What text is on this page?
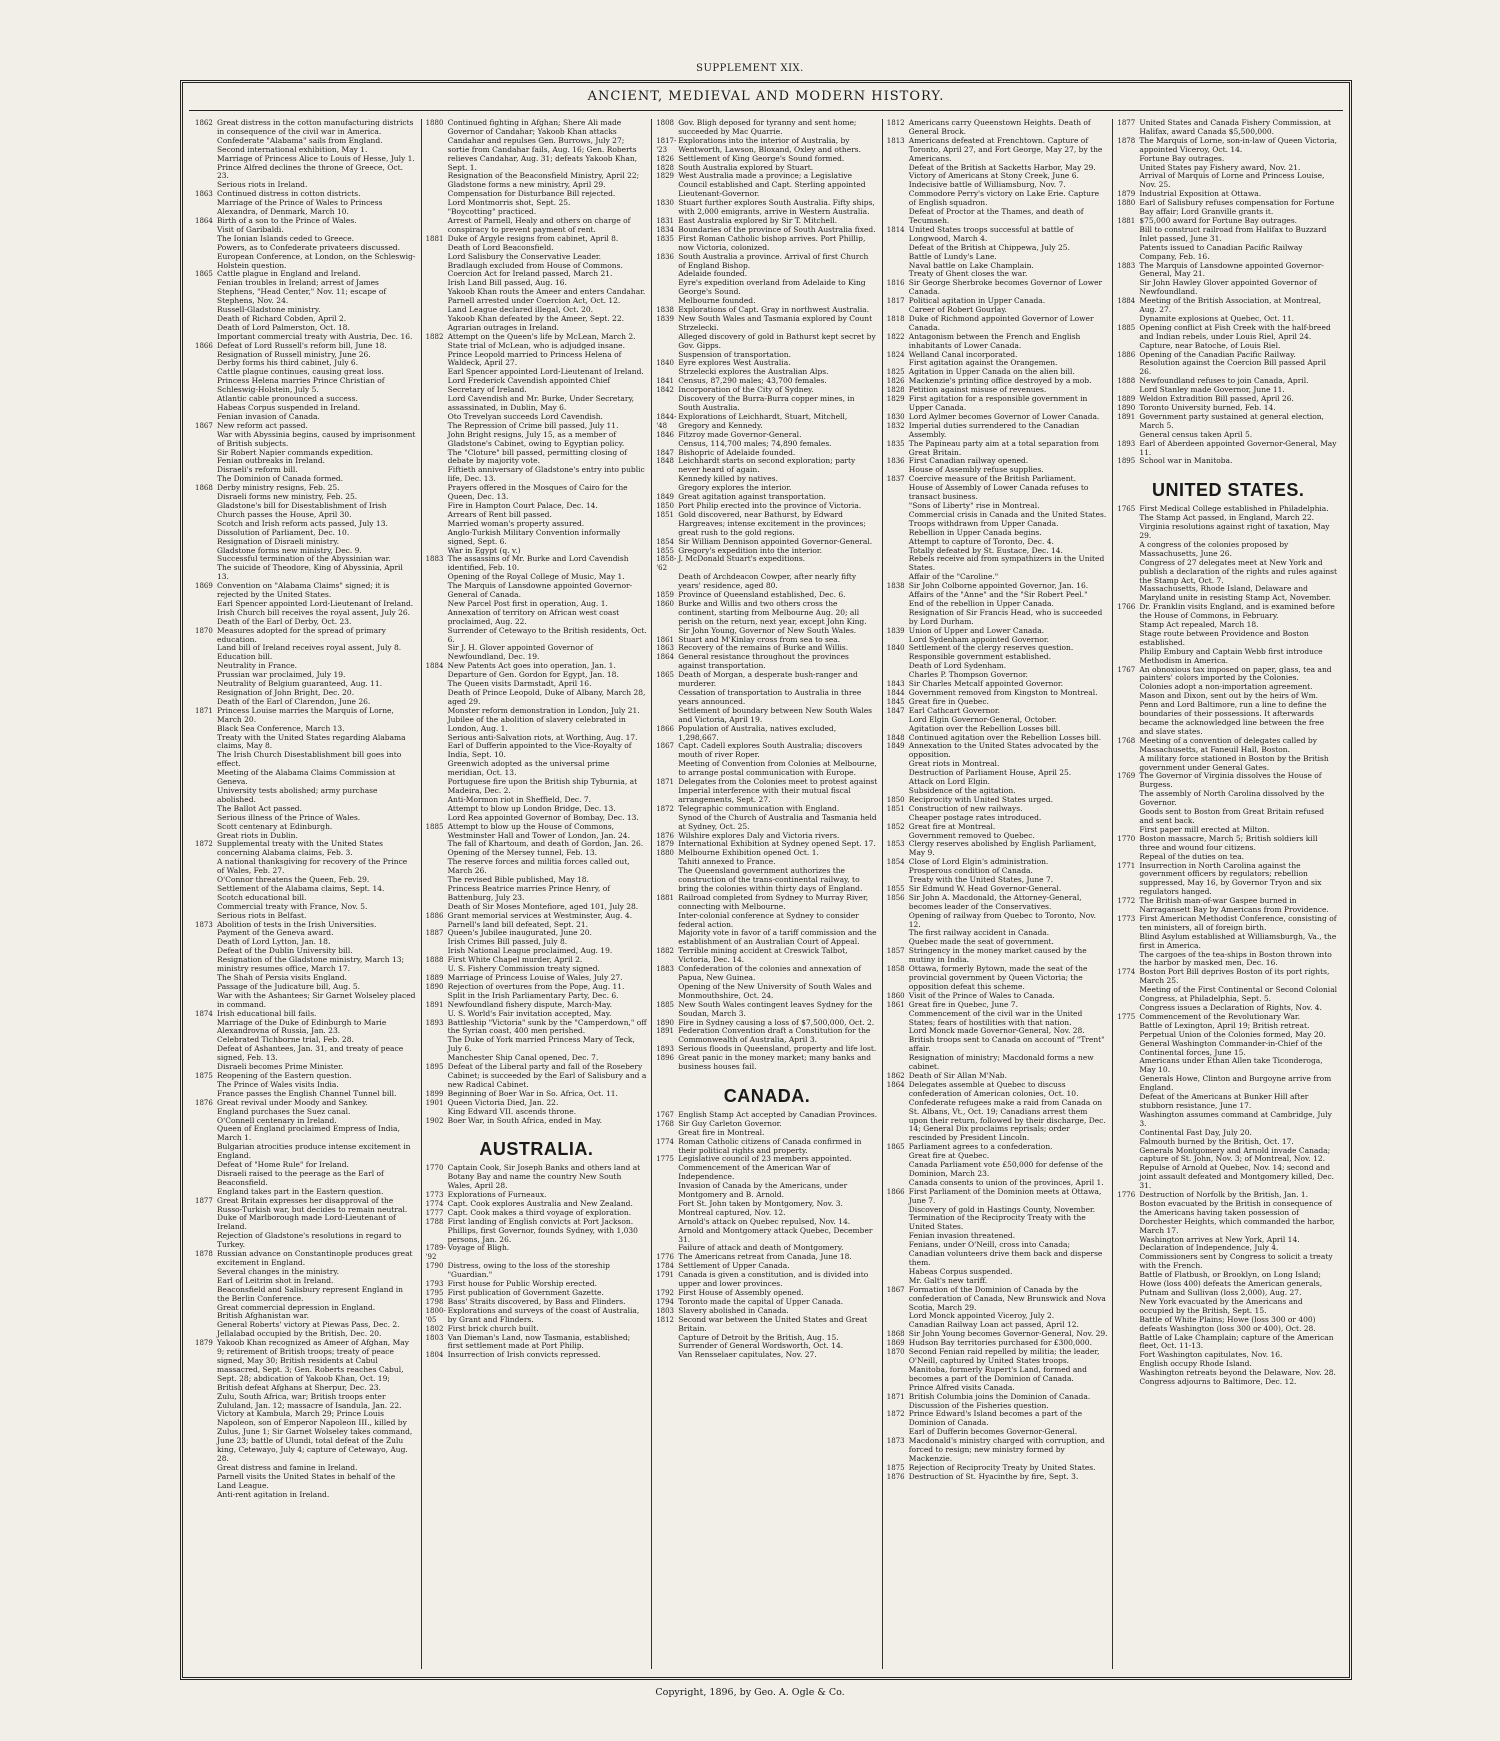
SUPPLEMENT XIX.
ANCIENT, MEDIEVAL AND MODERN HISTORY.
1862 Great distress in the cotton manufacturing districts in consequence of the civil war in America.
Confederate "Alabama" sails from England.
Second international exhibition, May 1.
Marriage of Princess Alice to Louis of Hesse, July 1.
Prince Alfred declines the throne of Greece, Oct. 23.
Serious riots in Ireland.
1863 Continued distress in cotton districts.
Marriage of the Prince of Wales to Princess Alexandra, of Denmark, March 10.
1864 Birth of a son to the Prince of Wales.
Visit of Garibaldi.
The Ionian Islands ceded to Greece.
Powers, as to Confederate privateers discussed.
European Conference, at London, on the Schleswig-Holstein question.
1865 Cattle plague in England and Ireland.
Fenian troubles in Ireland; arrest of James Stephens, "Head Center," Nov. 11; escape of Stephens, Nov. 24.
Russell-Gladstone ministry.
Death of Richard Cobden, April 2.
Death of Lord Palmerston, Oct. 18.
Important commercial treaty with Austria, Dec. 16.
1866 Defeat of Lord Russell's reform bill, June 18.
Resignation of Russell ministry, June 26.
Derby forms his third cabinet, July 6.
Cattle plague continues, causing great loss.
Princess Helena marries Prince Christian of Schleswig-Holstein, July 5.
Atlantic cable pronounced a success.
Habeas Corpus suspended in Ireland.
Fenian invasion of Canada.
1867 New reform act passed.
War with Abyssinia begins, caused by imprisonment of British subjects.
Sir Robert Napier commands expedition.
Fenian outbreaks in Ireland.
Disraeli's reform bill.
The Dominion of Canada formed.
1868 Derby ministry resigns, Feb. 25.
Disraeli forms new ministry, Feb. 25.
Gladstone's bill for Disestablishment of Irish Church passes the House, April 30.
Scotch and Irish reform acts passed, July 13.
Dissolution of Parliament, Dec. 10.
Resignation of Disraeli ministry.
Gladstone forms new ministry, Dec. 9.
Successful termination of the Abyssinian war.
The suicide of Theodore, King of Abyssinia, April 13.
1869 Convention on "Alabama Claims" signed; it is rejected by the United States.
Earl Spencer appointed Lord-Lieutenant of Ireland.
Irish Church bill receives the royal assent, July 26.
Death of the Earl of Derby, Oct. 23.
1870 Measures adopted for the spread of primary education.
Land bill of Ireland receives royal assent, July 8.
Education bill.
Neutrality in France.
Prussian war proclaimed, July 19.
Neutrality of Belgium guaranteed, Aug. 11.
Resignation of John Bright, Dec. 20.
Death of the Earl of Clarendon, June 26.
1871 Princess Louise marries the Marquis of Lorne, March 20.
Black Sea Conference, March 13.
Treaty with the United States regarding Alabama claims, May 8.
The Irish Church Disestablishment bill goes into effect.
Meeting of the Alabama Claims Commission at Geneva.
University tests abolished; army purchase abolished.
The Ballot Act passed.
Serious illness of the Prince of Wales.
Scott centenary at Edinburgh.
Great riots in Dublin.
1872 Supplemental treaty with the United States concerning Alabama claims, Feb. 3.
A national thanksgiving for recovery of the Prince of Wales, Feb. 27.
O'Connor threatens the Queen, Feb. 29.
Settlement of the Alabama claims, Sept. 14.
Scotch educational bill.
Commercial treaty with France, Nov. 5.
Serious riots in Belfast.
1873 Abolition of tests in the Irish Universities.
Payment of the Geneva award.
Death of Lord Lytton, Jan. 18.
Defeat of the Dublin University bill.
Resignation of the Gladstone ministry, March 13; ministry resumes office, March 17.
The Shah of Persia visits England.
Passage of the Judicature bill, Aug. 5.
War with the Ashantees; Sir Garnet Wolseley placed in command.
1874 Irish educational bill fails.
Marriage of the Duke of Edinburgh to Marie Alexandrovna of Russia, Jan. 23.
Celebrated Tichborne trial, Feb. 28.
Defeat of Ashantees, Jan. 31, and treaty of peace signed, Feb. 13.
Disraeli becomes Prime Minister.
1875 Reopening of the Eastern question.
The Prince of Wales visits India.
France passes the English Channel Tunnel bill.
1876 Great revival under Moody and Sankey.
England purchases the Suez canal.
O'Connell centenary in Ireland.
Queen of England proclaimed Empress of India, March 1.
Bulgarian atrocities produce intense excitement in England.
Defeat of "Home Rule" for Ireland.
Disraeli raised to the peerage as the Earl of Beaconsfield.
England takes part in the Eastern question.
1877 Great Britain expresses her disapproval of the Russo-Turkish war, but decides to remain neutral.
Duke of Marlborough made Lord-Lieutenant of Ireland.
Rejection of Gladstone's resolutions in regard to Turkey.
1878 Russian advance on Constantinople produces great excitement in England.
Several changes in the ministry.
Earl of Leitrim shot in Ireland.
Beaconsfield and Salisbury represent England in the Berlin Conference.
Great commercial depression in England.
British Afghanistan war.
General Roberts' victory at Piewas Pass, Dec. 2.
Jellalabad occupied by the British, Dec. 20.
1879 Yakoob Khan recognized as Ameer of Afghan, May 9; retirement of British troops; treaty of peace signed, May 30; British residents at Cabul massacred, Sept. 3; Gen. Roberts reaches Cabul, Sept. 28; abdication of Yakoob Khan, Oct. 19; British defeat Afghans at Sherpur, Dec. 23.
Zulu, South Africa, war; British troops enter Zululand, Jan. 12; massacre of Isandula, Jan. 22.
Victory at Kambula, March 29; Prince Louis Napoleon, son of Emperor Napoleon III., killed by Zulus, June 1; Sir Garnet Wolseley takes command, June 23; battle of Ulundi, total defeat of the Zulu king, Cetewayo, July 4; capture of Cetewayo, Aug. 28.
Great distress and famine in Ireland.
Parnell visits the United States in behalf of the Land League.
Anti-rent agitation in Ireland.
1880 Continued fighting in Afghan; Shere Ali made Governor of Candahar; Yakoob Khan attacks Candahar and repulses Gen. Burrows, July 27; sortie from Candahar fails, Aug. 16; Gen. Roberts relieves Candahar, Aug. 31; defeats Yakoob Khan, Sept. 1.
Resignation of the Beaconsfield Ministry, April 22; Gladstone forms a new ministry, April 29.
Compensation for Disturbance Bill rejected.
Lord Montmorris shot, Sept. 25.
"Boycotting" practiced.
Arrest of Parnell, Healy and others on charge of conspiracy to prevent payment of rent.
1881 Duke of Argyle resigns from cabinet, April 8.
Death of Lord Beaconsfield.
Lord Salisbury the Conservative Leader.
Bradlaugh excluded from House of Commons.
Coercion Act for Ireland passed, March 21.
Irish Land Bill passed, Aug. 16.
Yakoob Khan routs the Ameer and enters Candahar.
Parnell arrested under Coercion Act, Oct. 12.
Land League declared illegal, Oct. 20.
Yakoob Khan defeated by the Ameer, Sept. 22.
Agrarian outrages in Ireland.
1882 Attempt on the Queen's life by McLean, March 2.
State trial of McLean, who is adjudged insane.
Prince Leopold married to Princess Helena of Waldeck, April 27.
Earl Spencer appointed Lord-Lieutenant of Ireland.
Lord Frederick Cavendish appointed Chief Secretary of Ireland.
Lord Cavendish and Mr. Burke, Under Secretary, assassinated, in Dublin, May 6.
Oto Trevelyan succeeds Lord Cavendish.
The Repression of Crime bill passed, July 11.
John Bright resigns, July 15, as a member of Gladstone's Cabinet, owing to Egyptian policy.
The "Cloture" bill passed, permitting closing of debate by majority vote.
Fiftieth anniversary of Gladstone's entry into public life, Dec. 13.
Prayers offered in the Mosques of Cairo for the Queen, Dec. 13.
Fire in Hampton Court Palace, Dec. 14.
Arrears of Rent bill passed.
Married woman's property assured.
Anglo-Turkish Military Convention informally signed, Sept. 6.
War in Egypt (q. v.)
1883 The assassins of Mr. Burke and Lord Cavendish identified, Feb. 10.
Opening of the Royal College of Music, May 1.
The Marquis of Lansdowne appointed Governor-General of Canada.
New Parcel Post first in operation, Aug. 1.
Annexation of territory on African west coast proclaimed, Aug. 22.
Surrender of Cetewayo to the British residents, Oct. 6.
Sir J. H. Glover appointed Governor of Newfoundland, Dec. 19.
1884 New Patents Act goes into operation, Jan. 1.
Departure of Gen. Gordon for Egypt, Jan. 18.
The Queen visits Darmstadt, April 16.
Death of Prince Leopold, Duke of Albany, March 28, aged 29.
Monster reform demonstration in London, July 21.
Jubilee of the abolition of slavery celebrated in London, Aug. 1.
Serious anti-Salvation riots, at Worthing, Aug. 17.
Earl of Dufferin appointed to the Vice-Royalty of India, Sept. 10.
Greenwich adopted as the universal prime meridian, Oct. 13.
Portuguese fire upon the British ship Tyburnia, at Madeira, Dec. 2.
Anti-Mormon riot in Sheffield, Dec. 7.
Attempt to blow up London Bridge, Dec. 13.
Lord Rea appointed Governor of Bombay, Dec. 13.
1885 Attempt to blow up the House of Commons, Westminster Hall and Tower of London, Jan. 24.
The fall of Khartoum, and death of Gordon, Jan. 26.
Opening of the Mersey tunnel, Feb. 13.
The reserve forces and militia forces called out, March 26.
The revised Bible published, May 18.
Princess Beatrice marries Prince Henry, of Battenburg, July 23.
Death of Sir Moses Montefiore, aged 101, July 28.
1886 Grant memorial services at Westminster, Aug. 4.
Parnell's land bill defeated, Sept. 21.
1887 Queen's Jubilee inaugurated, June 20.
Irish Crimes Bill passed, July 8.
Irish National League proclaimed, Aug. 19.
1888 First White Chapel murder, April 2.
U. S. Fishery Commission treaty signed.
1889 Marriage of Princess Louise of Wales, July 27.
1890 Rejection of overtures from the Pope, Aug. 11.
Split in the Irish Parliamentary Party, Dec. 6.
1891 Newfoundland fishery dispute, March-May.
U. S. World's Fair invitation accepted, May.
1893 Battleship "Victoria" sunk by the "Camperdown," off the Syrian coast, 400 men perished.
The Duke of York married Princess Mary of Teck, July 6.
Manchester Ship Canal opened, Dec. 7.
1895 Defeat of the Liberal party and fall of the Rosebery Cabinet; is succeeded by the Earl of Salisbury and a new Radical Cabinet.
1899 Beginning of Boer War in So. Africa, Oct. 11.
1901 Queen Victoria Died, Jan. 22.
King Edward VII. ascends throne.
1902 Boer War, in South Africa, ended in May.
AUSTRALIA.
1770 Captain Cook, Sir Joseph Banks and others land at Botany Bay and name the country New South Wales, April 28.
1773 Explorations of Furneaux.
1774 Capt. Cook explores Australia and New Zealand.
1777 Capt. Cook makes a third voyage of exploration.
1788 First landing of English convicts at Port Jackson.
Phillips, first Governor, founds Sydney, with 1,030 persons, Jan. 26.
1789-'92
Voyage of Bligh.
1790 Distress, owing to the loss of the storeship "Guardian."
1793 First house for Public Worship erected.
1795 First publication of Government Gazette.
1798 Bass' Straits discovered, by Bass and Flinders.
1800-'05
Explorations and surveys of the coast of Australia, by Grant and Flinders.
1802 First brick church built.
1803 Van Dieman's Land, now Tasmania, established; first settlement made at Port Philip.
1804 Insurrection of Irish convicts repressed.
1808 Gov. Bligh deposed for tyranny and sent home; succeeded by Mac Quarrie.
1817-'23
Explorations into the interior of Australia, by Wentworth, Lawson, Bloxand, Oxley and others.
1826 Settlement of King George's Sound formed.
1828 South Australia explored by Stuart.
1829 West Australia made a province; a Legislative Council established and Capt. Sterling appointed Lieutenant-Governor.
1830 Stuart further explores South Australia. Fifty ships, with 2,000 emigrants, arrive in Western Australia.
1831 East Australia explored by Sir T. Mitchell.
1834 Boundaries of the province of South Australia fixed.
1835 First Roman Catholic bishop arrives. Port Phillip, now Victoria, colonized.
1836 South Australia a province. Arrival of first Church of England Bishop.
Adelaide founded.
Eyre's expedition overland from Adelaide to King George's Sound.
Melbourne founded.
1838 Explorations of Capt. Gray in northwest Australia.
1839 New South Wales and Tasmania explored by Count Strzelecki.
Alleged discovery of gold in Bathurst kept secret by Gov. Gipps.
Suspension of transportation.
1840 Eyre explores West Australia.
Strzelecki explores the Australian Alps.
1841 Census, 87,290 males; 43,700 females.
1842 Incorporation of the City of Sydney.
Discovery of the Burra-Burra copper mines, in South Australia.
1844-'48
Explorations of Leichhardt, Stuart, Mitchell, Gregory and Kennedy.
1846 Fitzroy made Governor-General.
Census, 114,700 males; 74,890 females.
1847 Bishopric of Adelaide founded.
1848 Leichhardt starts on second exploration; party never heard of again.
Kennedy killed by natives.
Gregory explores the interior.
1849 Great agitation against transportation.
1850 Port Philip erected into the province of Victoria.
1851 Gold discovered, near Bathurst, by Edward Hargreaves; intense excitement in the provinces; great rush to the gold regions.
1854 Sir William Dennison appointed Governor-General.
1855 Gregory's expedition into the interior.
1858-'62
J. McDonald Stuart's expeditions.
Death of Archdeacon Cowper, after nearly fifty years' residence, aged 80.
1859 Province of Queensland established, Dec. 6.
1860 Burke and Willis and two others cross the continent, starting from Melbourne Aug. 20; all perish on the return, next year, except John King.
Sir John Young, Governor of New South Wales.
1861 Stuart and M'Kinlay cross from sea to sea.
1863 Recovery of the remains of Burke and Willis.
1864 General resistance throughout the provinces against transportation.
1865 Death of Morgan, a desperate bush-ranger and murderer.
Cessation of transportation to Australia in three years announced.
Settlement of boundary between New South Wales and Victoria, April 19.
1866 Population of Australia, natives excluded, 1,298,667.
1867 Capt. Cadell explores South Australia; discovers mouth of river Roper.
Meeting of Convention from Colonies at Melbourne, to arrange postal communication with Europe.
1871 Delegates from the Colonies meet to protest against Imperial interference with their mutual fiscal arrangements, Sept. 27.
1872 Telegraphic communication with England.
Synod of the Church of Australia and Tasmania held at Sydney, Oct. 25.
1876 Wilshire explores Daly and Victoria rivers.
1879 International Exhibition at Sydney opened Sept. 17.
1880 Melbourne Exhibition opened Oct. 1.
Tahiti annexed to France.
The Queensland government authorizes the construction of the trans-continental railway, to bring the colonies within thirty days of England.
1881 Railroad completed from Sydney to Murray River, connecting with Melbourne.
Inter-colonial conference at Sydney to consider federal action.
Majority vote in favor of a tariff commission and the establishment of an Australian Court of Appeal.
1882 Terrible mining accident at Creswick Talbot, Victoria, Dec. 14.
1883 Confederation of the colonies and annexation of Papua, New Guinea.
Opening of the New University of South Wales and Monmouthshire, Oct. 24.
1885 New South Wales contingent leaves Sydney for the Soudan, March 3.
1890 Fire in Sydney causing a loss of $7,500,000, Oct. 2.
1891 Federation Convention draft a Constitution for the Commonwealth of Australia, April 3.
1893 Serious floods in Queensland, property and life lost.
1896 Great panic in the money market; many banks and business houses fail.
CANADA.
1767 English Stamp Act accepted by Canadian Provinces.
1768 Sir Guy Carleton Governor.
Great fire in Montreal.
1774 Roman Catholic citizens of Canada confirmed in their political rights and property.
1775 Legislative council of 23 members appointed.
Commencement of the American War of Independence.
Invasion of Canada by the Americans, under Montgomery and B. Arnold.
Fort St. John taken by Montgomery, Nov. 3.
Montreal captured, Nov. 12.
Arnold's attack on Quebec repulsed, Nov. 14.
Arnold and Montgomery attack Quebec, December 31.
Failure of attack and death of Montgomery.
1776 The Americans retreat from Canada, June 18.
1784 Settlement of Upper Canada.
1791 Canada is given a constitution, and is divided into upper and lower provinces.
1792 First House of Assembly opened.
1794 Toronto made the capital of Upper Canada.
1803 Slavery abolished in Canada.
1812 Second war between the United States and Great Britain.
Capture of Detroit by the British, Aug. 15.
Surrender of General Wordsworth, Oct. 14.
Van Rensselaer capitulates, Nov. 27.
1812 Americans carry Queenstown Heights. Death of General Brock.
1813 Americans defeated at Frenchtown. Capture of Toronto, April 27, and Fort George, May 27, by the Americans.
Defeat of the British at Sacketts Harbor, May 29.
Victory of Americans at Stony Creek, June 6.
Indecisive battle of Williamsburg, Nov. 7.
Commodore Perry's victory on Lake Erie. Capture of English squadron.
Defeat of Proctor at the Thames, and death of Tecumseh.
1814 United States troops successful at battle of Longwood, March 4.
Defeat of the British at Chippewa, July 25.
Battle of Lundy's Lane.
Naval battle on Lake Champlain.
Treaty of Ghent closes the war.
1816 Sir George Sherbroke becomes Governor of Lower Canada.
1817 Political agitation in Upper Canada.
Career of Robert Gourlay.
1818 Duke of Richmond appointed Governor of Lower Canada.
1822 Antagonism between the French and English inhabitants of Lower Canada.
1824 Welland Canal incorporated.
First agitation against the Orangemen.
1825 Agitation in Upper Canada on the alien bill.
1826 Mackenzie's printing office destroyed by a mob.
1828 Petition against misuse of revenues.
1829 First agitation for a responsible government in Upper Canada.
1830 Lord Aylmer becomes Governor of Lower Canada.
1832 Imperial duties surrendered to the Canadian Assembly.
1835 The Papineau party aim at a total separation from Great Britain.
1836 First Canadian railway opened.
House of Assembly refuse supplies.
1837 Coercive measure of the British Parliament.
House of Assembly of Lower Canada refuses to transact business.
"Sons of Liberty" rise in Montreal.
Commercial crisis in Canada and the United States.
Troops withdrawn from Upper Canada.
Rebellion in Upper Canada begins.
Attempt to capture of Toronto, Dec. 4.
Totally defeated by St. Eustace, Dec. 14.
Rebels receive aid from sympathizers in the United States.
Affair of the "Caroline."
1838 Sir John Colborne appointed Governor, Jan. 16.
Affairs of the "Anne" and the "Sir Robert Peel."
End of the rebellion in Upper Canada.
Resignation of Sir Francis Head, who is succeeded by Lord Durham.
1839 Union of Upper and Lower Canada.
Lord Sydenham appointed Governor.
1840 Settlement of the clergy reserves question.
Responsible government established.
Death of Lord Sydenham.
Charles P. Thompson Governor.
1843 Sir Charles Metcalf appointed Governor.
1844 Government removed from Kingston to Montreal.
1845 Great fire in Quebec.
1847 Earl Cathcart Governor.
Lord Elgin Governor-General, October.
Agitation over the Rebellion Losses bill.
1848 Continued agitation over the Rebellion Losses bill.
1849 Annexation to the United States advocated by the opposition.
Great riots in Montreal.
Destruction of Parliament House, April 25.
Attack on Lord Elgin.
Subsidence of the agitation.
1850 Reciprocity with United States urged.
1851 Construction of new railways.
Cheaper postage rates introduced.
1852 Great fire at Montreal.
Government removed to Quebec.
1853 Clergy reserves abolished by English Parliament, May 9.
1854 Close of Lord Elgin's administration.
Prosperous condition of Canada.
Treaty with the United States, June 7.
1855 Sir Edmund W. Head Governor-General.
1856 Sir John A. Macdonald, the Attorney-General, becomes leader of the Conservatives.
Opening of railway from Quebec to Toronto, Nov. 12.
The first railway accident in Canada.
Quebec made the seat of government.
1857 Stringency in the money market caused by the mutiny in India.
1858 Ottawa, formerly Bytown, made the seat of the provincial government by Queen Victoria; the opposition defeat this scheme.
1860 Visit of the Prince of Wales to Canada.
1861 Great fire in Quebec, June 7.
Commencement of the civil war in the United States; fears of hostilities with that nation.
Lord Monck made Governor-General, Nov. 28.
British troops sent to Canada on account of "Trent" affair.
Resignation of ministry; Macdonald forms a new cabinet.
1862 Death of Sir Allan M'Nab.
1864 Delegates assemble at Quebec to discuss confederation of American colonies, Oct. 10.
Confederate refugees make a raid from Canada on St. Albans, Vt., Oct. 19; Canadians arrest them upon their return, followed by their discharge, Dec. 14; General Dix proclaims reprisals; order rescinded by President Lincoln.
1865 Parliament agrees to a confederation.
Great fire at Quebec.
Canada Parliament vote £50,000 for defense of the Dominion, March 23.
Canada consents to union of the provinces, April 1.
1866 First Parliament of the Dominion meets at Ottawa, June 7.
Discovery of gold in Hastings County, November.
Termination of the Reciprocity Treaty with the United States.
Fenian invasion threatened.
Fenians, under O'Neill, cross into Canada; Canadian volunteers drive them back and disperse them.
Habeas Corpus suspended.
Mr. Galt's new tariff.
1867 Formation of the Dominion of Canada by the confederation of Canada, New Brunswick and Nova Scotia, March 29.
Lord Monck appointed Viceroy, July 2.
Canadian Railway Loan act passed, April 12.
1868 Sir John Young becomes Governor-General, Nov. 29.
1869 Hudson Bay territories purchased for £300,000.
1870 Second Fenian raid repelled by militia; the leader, O'Neill, captured by United States troops.
Manitoba, formerly Rupert's Land, formed and becomes a part of the Dominion of Canada.
Prince Alfred visits Canada.
1871 British Columbia joins the Dominion of Canada.
Discussion of the Fisheries question.
1872 Prince Edward's Island becomes a part of the Dominion of Canada.
Earl of Dufferin becomes Governor-General.
1873 Macdonald's ministry charged with corruption, and forced to resign; new ministry formed by Mackenzie.
1875 Rejection of Reciprocity Treaty by United States.
1876 Destruction of St. Hyacinthe by fire, Sept. 3.
1877 United States and Canada Fishery Commission, at Halifax, award Canada $5,500,000.
1878 The Marquis of Lorne, son-in-law of Queen Victoria, appointed Viceroy, Oct. 14.
Fortune Bay outrages.
United States pay Fishery award, Nov. 21.
Arrival of Marquis of Lorne and Princess Louise, Nov. 25.
1879 Industrial Exposition at Ottawa.
1880 Earl of Salisbury refuses compensation for Fortune Bay affair; Lord Granville grants it.
1881 $75,000 award for Fortune Bay outrages.
Bill to construct railroad from Halifax to Buzzard Inlet passed, June 31.
Patents issued to Canadian Pacific Railway Company, Feb. 16.
1883 The Marquis of Lansdowne appointed Governor-General, May 21.
Sir John Hawley Glover appointed Governor of Newfoundland.
1884 Meeting of the British Association, at Montreal, Aug. 27.
Dynamite explosions at Quebec, Oct. 11.
1885 Opening conflict at Fish Creek with the half-breed and Indian rebels, under Louis Riel, April 24.
Capture, near Batoche, of Louis Riel.
1886 Opening of the Canadian Pacific Railway.
Resolution against the Coercion Bill passed April 26.
1888 Newfoundland refuses to join Canada, April.
Lord Stanley made Governor, June 11.
1889 Weldon Extradition Bill passed, April 26.
1890 Toronto University burned, Feb. 14.
1891 Government party sustained at general election, March 5.
General census taken April 5.
1893 Earl of Aberdeen appointed Governor-General, May 11.
1895 School war in Manitoba.
UNITED STATES.
1765 First Medical College established in Philadelphia.
The Stamp Act passed, in England, March 22.
Virginia resolutions against right of taxation, May 29.
A congress of the colonies proposed by Massachusetts, June 26.
Congress of 27 delegates meet at New York and publish a declaration of the rights and rules against the Stamp Act, Oct. 7.
Massachusetts, Rhode Island, Delaware and Maryland unite in resisting Stamp Act, November.
1766 Dr. Franklin visits England, and is examined before the House of Commons, in February.
Stamp Act repealed, March 18.
Stage route between Providence and Boston established.
Philip Embury and Captain Webb first introduce Methodism in America.
1767 An obnoxious tax imposed on paper, glass, tea and painters' colors imported by the Colonies.
Colonies adopt a non-importation agreement.
Mason and Dixon, sent out by the heirs of Wm. Penn and Lord Baltimore, run a line to define the boundaries of their possessions. It afterwards became the acknowledged line between the free and slave states.
1768 Meeting of a convention of delegates called by Massachusetts, at Faneuil Hall, Boston.
A military force stationed in Boston by the British government under General Gates.
1769 The Governor of Virginia dissolves the House of Burgess.
The assembly of North Carolina dissolved by the Governor.
Goods sent to Boston from Great Britain refused and sent back.
First paper mill erected at Milton.
1770 Boston massacre, March 5; British soldiers kill three and wound four citizens.
Repeal of the duties on tea.
1771 Insurrection in North Carolina against the government officers by regulators; rebellion suppressed, May 16, by Governor Tryon and six regulators hanged.
1772 The British man-of-war Gaspee burned in Narragansett Bay by Americans from Providence.
1773 First American Methodist Conference, consisting of ten ministers, all of foreign birth.
Blind Asylum established at Williamsburgh, Va., the first in America.
The cargoes of the tea-ships in Boston thrown into the harbor by masked men, Dec. 16.
1774 Boston Port Bill deprives Boston of its port rights, March 25.
Meeting of the First Continental or Second Colonial Congress, at Philadelphia, Sept. 5.
Congress issues a Declaration of Rights, Nov. 4.
1775 Commencement of the Revolutionary War.
Battle of Lexington, April 19; British retreat.
Perpetual Union of the Colonies formed, May 20.
General Washington Commander-in-Chief of the Continental forces, June 15.
Americans under Ethan Allen take Ticonderoga, May 10.
Generals Howe, Clinton and Burgoyne arrive from England.
Defeat of the Americans at Bunker Hill after stubborn resistance, June 17.
Washington assumes command at Cambridge, July 3.
Continental Fast Day, July 20.
Falmouth burned by the British, Oct. 17.
Generals Montgomery and Arnold invade Canada; capture of St. John, Nov. 3; of Montreal, Nov. 12. Repulse of Arnold at Quebec, Nov. 14; second and joint assault defeated and Montgomery killed, Dec. 31.
1776 Destruction of Norfolk by the British, Jan. 1.
Boston evacuated by the British in consequence of the Americans having taken possession of Dorchester Heights, which commanded the harbor, March 17.
Washington arrives at New York, April 14.
Declaration of Independence, July 4.
Commissioners sent by Congress to solicit a treaty with the French.
Battle of Flatbush, or Brooklyn, on Long Island; Howe (loss 400) defeats the American generals, Putnam and Sullivan (loss 2,000), Aug. 27.
New York evacuated by the Americans and occupied by the British, Sept. 15.
Battle of White Plains; Howe (loss 300 or 400) defeats Washington (loss 300 or 400), Oct. 28.
Battle of Lake Champlain; capture of the American fleet, Oct. 11-13.
Fort Washington capitulates, Nov. 16.
English occupy Rhode Island.
Washington retreats beyond the Delaware, Nov. 28.
Congress adjourns to Baltimore, Dec. 12.
Copyright, 1896, by Geo. A. Ogle & Co.
